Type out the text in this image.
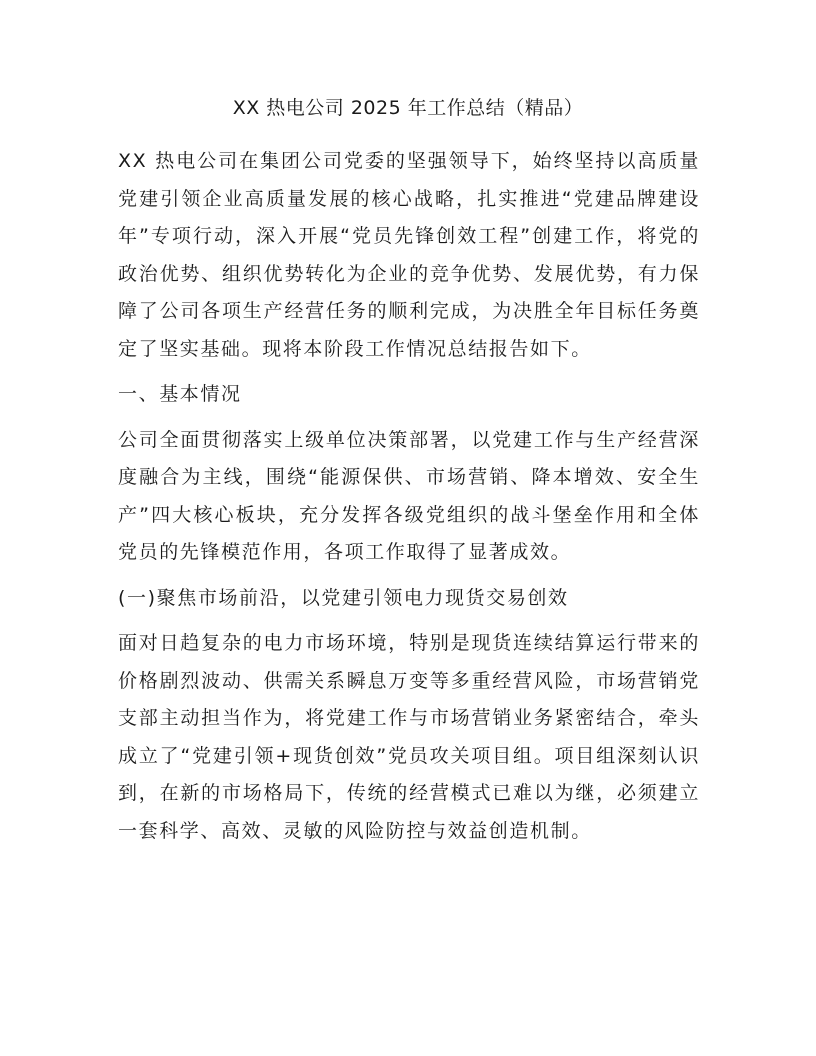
XX 热电公司 2025 年工作总结（精品）

XX 热电公司在集团公司党委的坚强领导下，始终坚持以高质量党建引领企业高质量发展的核心战略，扎实推进“党建品牌建设年”专项行动，深入开展“党员先锋创效工程”创建工作，将党的政治优势、组织优势转化为企业的竞争优势、发展优势，有力保障了公司各项生产经营任务的顺利完成，为决胜全年目标任务奠定了坚实基础。现将本阶段工作情况总结报告如下。

一、基本情况

公司全面贯彻落实上级单位决策部署，以党建工作与生产经营深度融合为主线，围绕“能源保供、市场营销、降本增效、安全生产”四大核心板块，充分发挥各级党组织的战斗堡垒作用和全体党员的先锋模范作用，各项工作取得了显著成效。

(一)聚焦市场前沿，以党建引领电力现货交易创效

面对日趋复杂的电力市场环境，特别是现货连续结算运行带来的价格剧烈波动、供需关系瞬息万变等多重经营风险，市场营销党支部主动担当作为，将党建工作与市场营销业务紧密结合，牵头成立了“党建引领+现货创效”党员攻关项目组。项目组深刻认识到，在新的市场格局下，传统的经营模式已难以为继，必须建立一套科学、高效、灵敏的风险防控与效益创造机制。
